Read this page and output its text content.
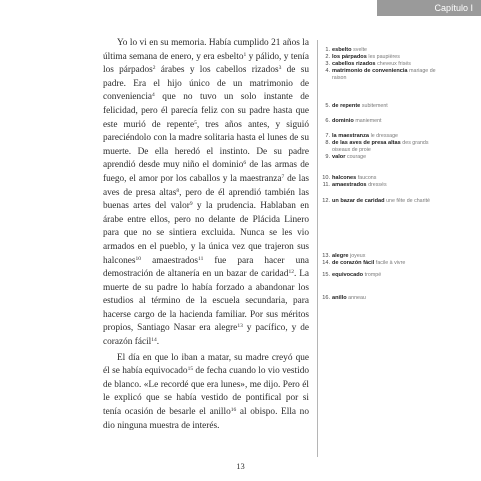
Capítulo I

Yo lo vi en su memoria. Había cumplido 21 años la última semana de enero, y era esbelto$^1$ y pálido, y tenía los párpados$^2$ árabes y los cabellos rizados$^3$ de su padre. Era el hijo único de un matrimonio de conveniencia$^4$ que no tuvo un solo instante de felicidad, pero él parecía feliz con su padre hasta que este murió de repente$^5$, tres años antes, y siguió pareciéndolo con la madre solitaria hasta el lunes de su muerte. De ella heredó el instinto. De su padre aprendió desde muy niño el dominio$^6$ de las armas de fuego, el amor por los caballos y la maestranza$^7$ de las aves de presa altas$^8$, pero de él aprendió también las buenas artes del valor$^9$ y la prudencia. Hablaban en árabe entre ellos, pero no delante de Plácida Linero para que no se sintiera excluida. Nunca se les vio armados en el pueblo, y la única vez que trajeron sus halcones$^{10}$ amaestrados$^{11}$ fue para hacer una demostración de altanería en un bazar de caridad$^{12}$. La muerte de su padre lo había forzado a abandonar los estudios al término de la escuela secundaria, para hacerse cargo de la hacienda familiar. Por sus méritos propios, Santiago Nasar era alegre$^{13}$ y pacífico, y de corazón fácil$^{14}$.

El día en que lo iban a matar, su madre creyó que él se había equivocado$^{15}$ de fecha cuando lo vio vestido de blanco. «Le recordé que era lunes», me dijo. Pero él le explicó que se había vestido de pontifical por si tenía ocasión de besarle el anillo$^{16}$ al obispo. Ella no dio ninguna muestra de interés.

1. esbelto svelte
2. los párpados les paupières
3. cabellos rizados cheveux frisés
4. matrimonio de conveniencia mariage de raison
5. de repente subitement
6. dominio maniement
7. la maestranza le dressage
8. de las aves de presa altas des grands oiseaux de proie
9. valor courage
10. halcones faucons
11. amaestrados dressés
12. un bazar de caridad une fête de charité
13. alegre joyeux
14. de corazón fácil facile à vivre
15. equivocado trompé
16. anillo anneau
13
